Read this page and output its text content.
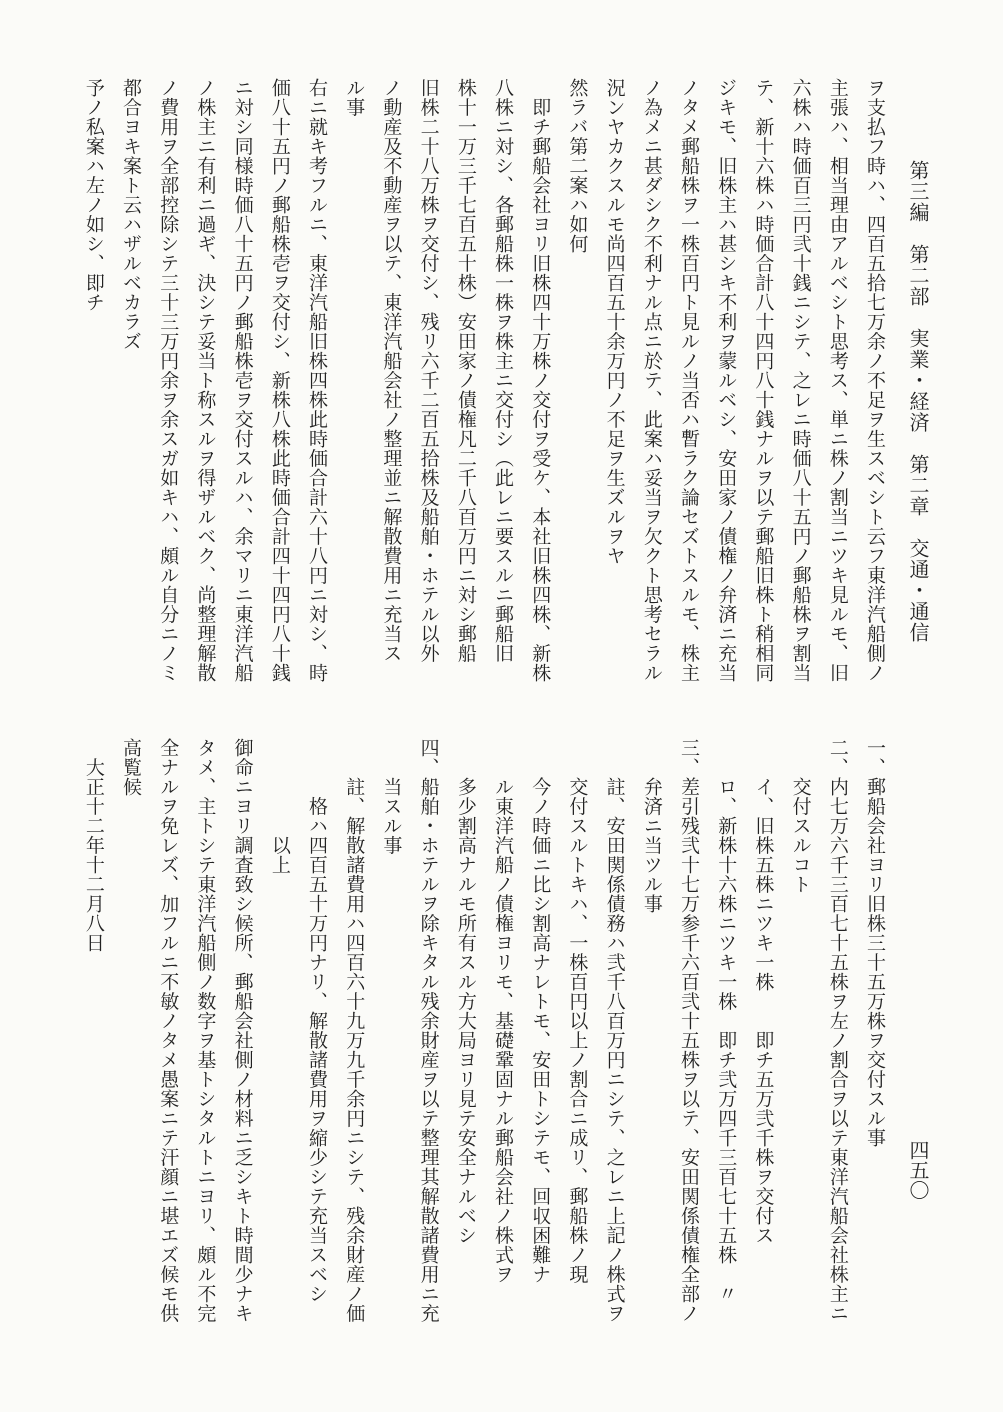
第三編　第二部　実業・経済　第二章　交通・通信
四五〇
ヲ支払フ時ハ、四百五拾七万余ノ不足ヲ生スベシト云フ東洋汽船側ノ
主張ハ、相当理由アルベシト思考ス、単ニ株ノ割当ニツキ見ルモ、旧
六株ハ時価百三円弐十銭ニシテ、之レニ時価八十五円ノ郵船株ヲ割当
テ、新十六株ハ時価合計八十四円八十銭ナルヲ以テ郵船旧株ト稍相同
ジキモ、旧株主ハ甚シキ不利ヲ蒙ルベシ、安田家ノ債権ノ弁済ニ充当
ノタメ郵船株ヲ一株百円ト見ルノ当否ハ暫ラク論セズトスルモ、株主
ノ為メニ甚ダシク不利ナル点ニ於テ、此案ハ妥当ヲ欠クト思考セラル
況ンヤカクスルモ尚四百五十余万円ノ不足ヲ生ズルヲヤ
然ラバ第二案ハ如何
　即チ郵船会社ヨリ旧株四十万株ノ交付ヲ受ケ、本社旧株四株、新株
八株ニ対シ、各郵船株一株ヲ株主ニ交付シ（此レニ要スルニ郵船旧
株十一万三千七百五十株）安田家ノ債権凡二千八百万円ニ対シ郵船
旧株二十八万株ヲ交付シ、残リ六千二百五拾株及船舶・ホテル以外
ノ動産及不動産ヲ以テ、東洋汽船会社ノ整理並ニ解散費用ニ充当ス
ル事
右ニ就キ考フルニ、東洋汽船旧株四株此時価合計六十八円ニ対シ、時
価八十五円ノ郵船株壱ヲ交付シ、新株八株此時価合計四十四円八十銭
ニ対シ同様時価八十五円ノ郵船株壱ヲ交付スルハ、余マリニ東洋汽船
ノ株主ニ有利ニ過ギ、決シテ妥当ト称スルヲ得ザルベク、尚整理解散
ノ費用ヲ全部控除シテ三十三万円余ヲ余スガ如キハ、頗ル自分ニノミ
都合ヨキ案ト云ハザルベカラズ
予ノ私案ハ左ノ如シ、即チ
一、郵船会社ヨリ旧株三十五万株ヲ交付スル事
二、内七万六千三百七十五株ヲ左ノ割合ヲ以テ東洋汽船会社株主ニ
　　交付スルコト
　　イ、旧株五株ニツキ一株　　即チ五万弐千株ヲ交付ス
　　ロ、新株十六株ニツキ一株　即チ弐万四千三百七十五株　〃
三、差引残弐十七万参千六百弐十五株ヲ以テ、安田関係債権全部ノ
　　弁済ニ当ツル事
　　註、安田関係債務ハ弐千八百万円ニシテ、之レニ上記ノ株式ヲ
　　交付スルトキハ、一株百円以上ノ割合ニ成リ、郵船株ノ現
　　今ノ時価ニ比シ割高ナレトモ、安田トシテモ、回収困難ナ
　　ル東洋汽船ノ債権ヨリモ、基礎鞏固ナル郵船会社ノ株式ヲ
　　多少割高ナルモ所有スル方大局ヨリ見テ安全ナルベシ
四、船舶・ホテルヲ除キタル残余財産ヲ以テ整理其解散諸費用ニ充
　　当スル事
　　註、解散諸費用ハ四百六十九万九千余円ニシテ、残余財産ノ価
　　　格ハ四百五十万円ナリ、解散諸費用ヲ縮少シテ充当スベシ
　　　　　以上
御命ニヨリ調査致シ候所、郵船会社側ノ材料ニ乏シキト時間少ナキ
タメ、主トシテ東洋汽船側ノ数字ヲ基トシタルトニヨリ、頗ル不完
全ナルヲ免レズ、加フルニ不敏ノタメ愚案ニテ汗顔ニ堪エズ候モ供
高覧候
　大正十二年十二月八日
